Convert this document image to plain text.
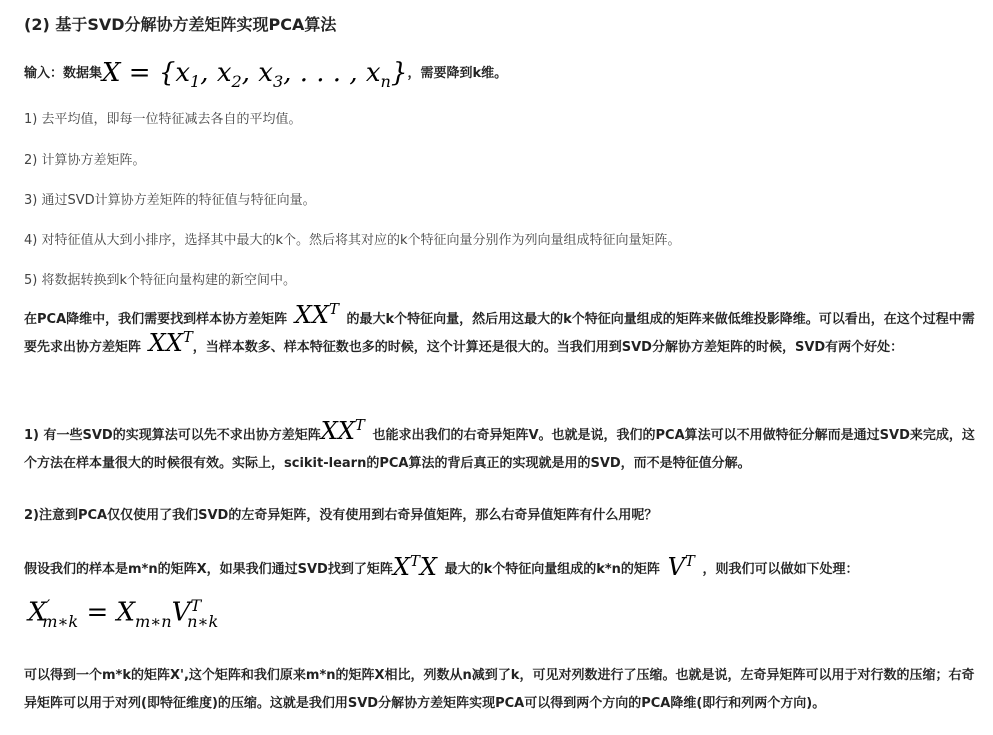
(2) 基于SVD分解协方差矩阵实现PCA算法
输入：数据集$X = \{x_1$, $x_2$, $x_3$, . . . , $x_n$}，需要降到k维。
1) 去平均值，即每一位特征减去各自的平均值。
2) 计算协方差矩阵。
3) 通过SVD计算协方差矩阵的特征值与特征向量。
4) 对特征值从大到小排序，选择其中最大的k个。然后将其对应的k个特征向量分别作为列向量组成特征向量矩阵。
5) 将数据转换到k个特征向量构建的新空间中。
在PCA降维中，我们需要找到样本协方差矩阵 $XX^T$ 的最大k个特征向量，然后用这最大的k个特征向量组成的矩阵来做低维投影降维。可以看出，在这个过程中需要先求出协方差矩阵 $XX^T$，当样本数多、样本特征数也多的时候，这个计算还是很大的。当我们用到SVD分解协方差矩阵的时候，SVD有两个好处：
1) 有一些SVD的实现算法可以先不求出协方差矩阵$XX^T$ 也能求出我们的右奇异矩阵V。也就是说，我们的PCA算法可以不用做特征分解而是通过SVD来完成，这个方法在样本量很大的时候很有效。实际上，scikit-learn的PCA算法的背后真正的实现就是用的SVD，而不是特征值分解。
2)注意到PCA仅仅使用了我们SVD的左奇异矩阵，没有使用到右奇异值矩阵，那么右奇异值矩阵有什么用呢？
假设我们的样本是m*n的矩阵X，如果我们通过SVD找到了矩阵$X^TX$ 最大的k个特征向量组成的k*n的矩阵 $V^T$ ，则我们可以做如下处理：
$X'_{m∗k} = X_{m∗n}V^T_{n∗k}$
可以得到一个m*k的矩阵X',这个矩阵和我们原来m*n的矩阵X相比，列数从n减到了k，可见对列数进行了压缩。也就是说，左奇异矩阵可以用于对行数的压缩；右奇异矩阵可以用于对列(即特征维度)的压缩。这就是我们用SVD分解协方差矩阵实现PCA可以得到两个方向的PCA降维(即行和列两个方向)。
